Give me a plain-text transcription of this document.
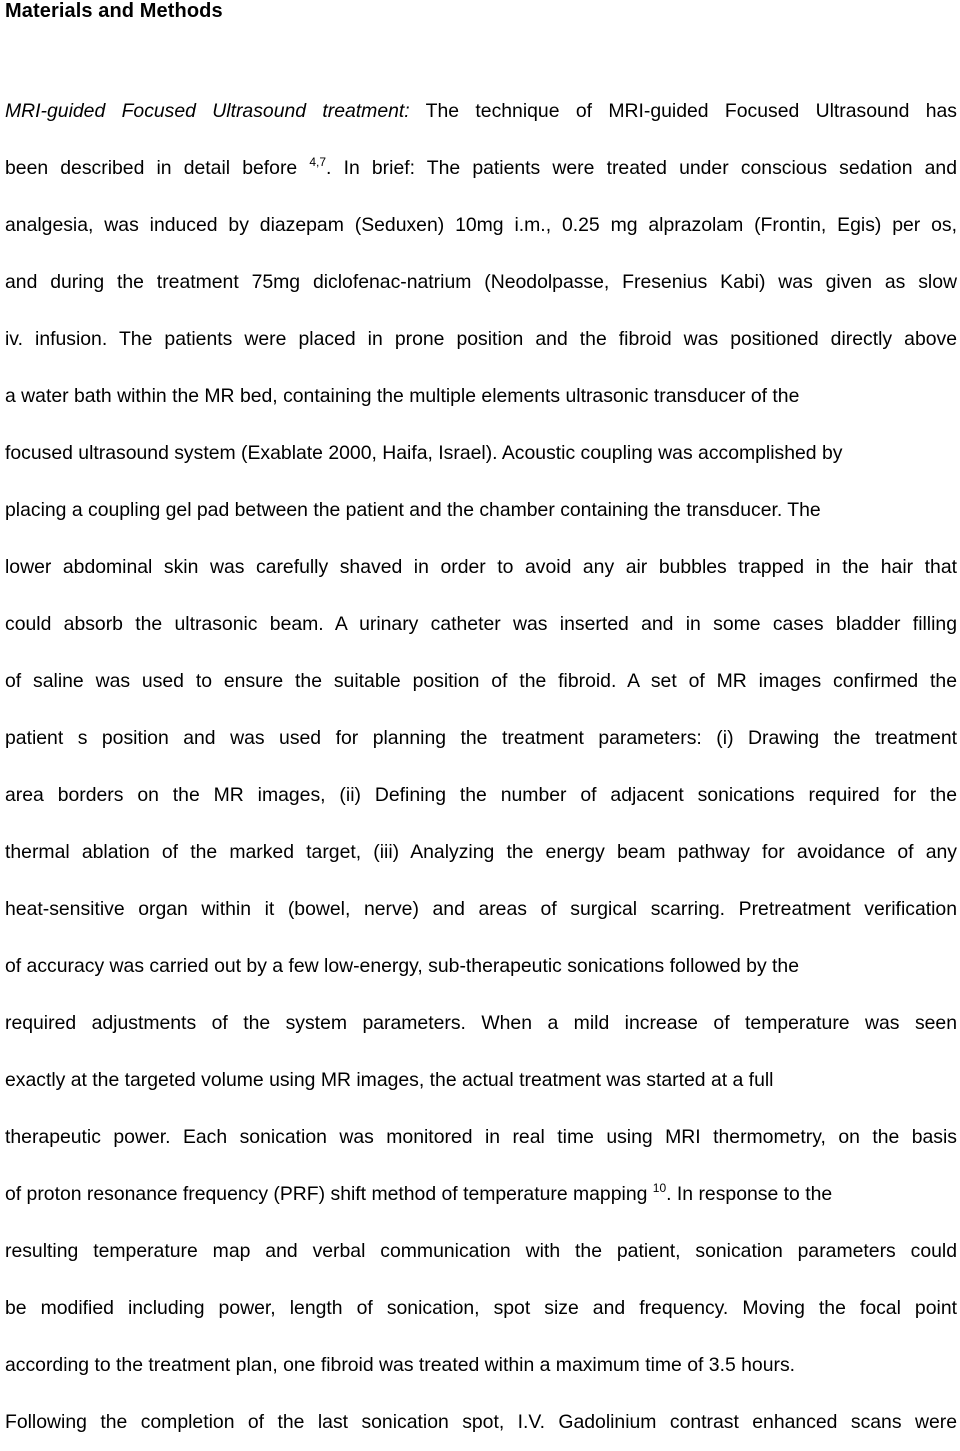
Materials and Methods
MRI-guided Focused Ultrasound treatment: The technique of MRI-guided Focused Ultrasound has
been described in detail before $^{4,7}$. In brief: The patients were treated under conscious sedation and
analgesia, was induced by diazepam (Seduxen) 10mg i.m., 0.25 mg alprazolam (Frontin, Egis) per os,
and during the treatment 75mg diclofenac-natrium (Neodolpasse, Fresenius Kabi) was given as slow
iv. infusion. The patients were placed in prone position and the fibroid was positioned directly above
a water bath within the MR bed, containing the multiple elements ultrasonic transducer of the
focused ultrasound system (Exablate 2000, Haifa, Israel). Acoustic coupling was accomplished by
placing a coupling gel pad between the patient and the chamber containing the transducer. The
lower abdominal skin was carefully shaved in order to avoid any air bubbles trapped in the hair that
could absorb the ultrasonic beam. A urinary catheter was inserted and in some cases bladder filling
of saline was used to ensure the suitable position of the fibroid. A set of MR images confirmed the
patient s position and was used for planning the treatment parameters: (i) Drawing the treatment
area borders on the MR images, (ii) Defining the number of adjacent sonications required for the
thermal ablation of the marked target, (iii) Analyzing the energy beam pathway for avoidance of any
heat-sensitive organ within it (bowel, nerve) and areas of surgical scarring. Pretreatment verification
of accuracy was carried out by a few low-energy, sub-therapeutic sonications followed by the
required adjustments of the system parameters. When a mild increase of temperature was seen
exactly at the targeted volume using MR images, the actual treatment was started at a full
therapeutic power. Each sonication was monitored in real time using MRI thermometry, on the basis
of proton resonance frequency (PRF) shift method of temperature mapping $^{10}$. In response to the
resulting temperature map and verbal communication with the patient, sonication parameters could
be modified including power, length of sonication, spot size and frequency. Moving the focal point
according to the treatment plan, one fibroid was treated within a maximum time of 3.5 hours.
Following the completion of the last sonication spot, I.V. Gadolinium contrast enhanced scans were
